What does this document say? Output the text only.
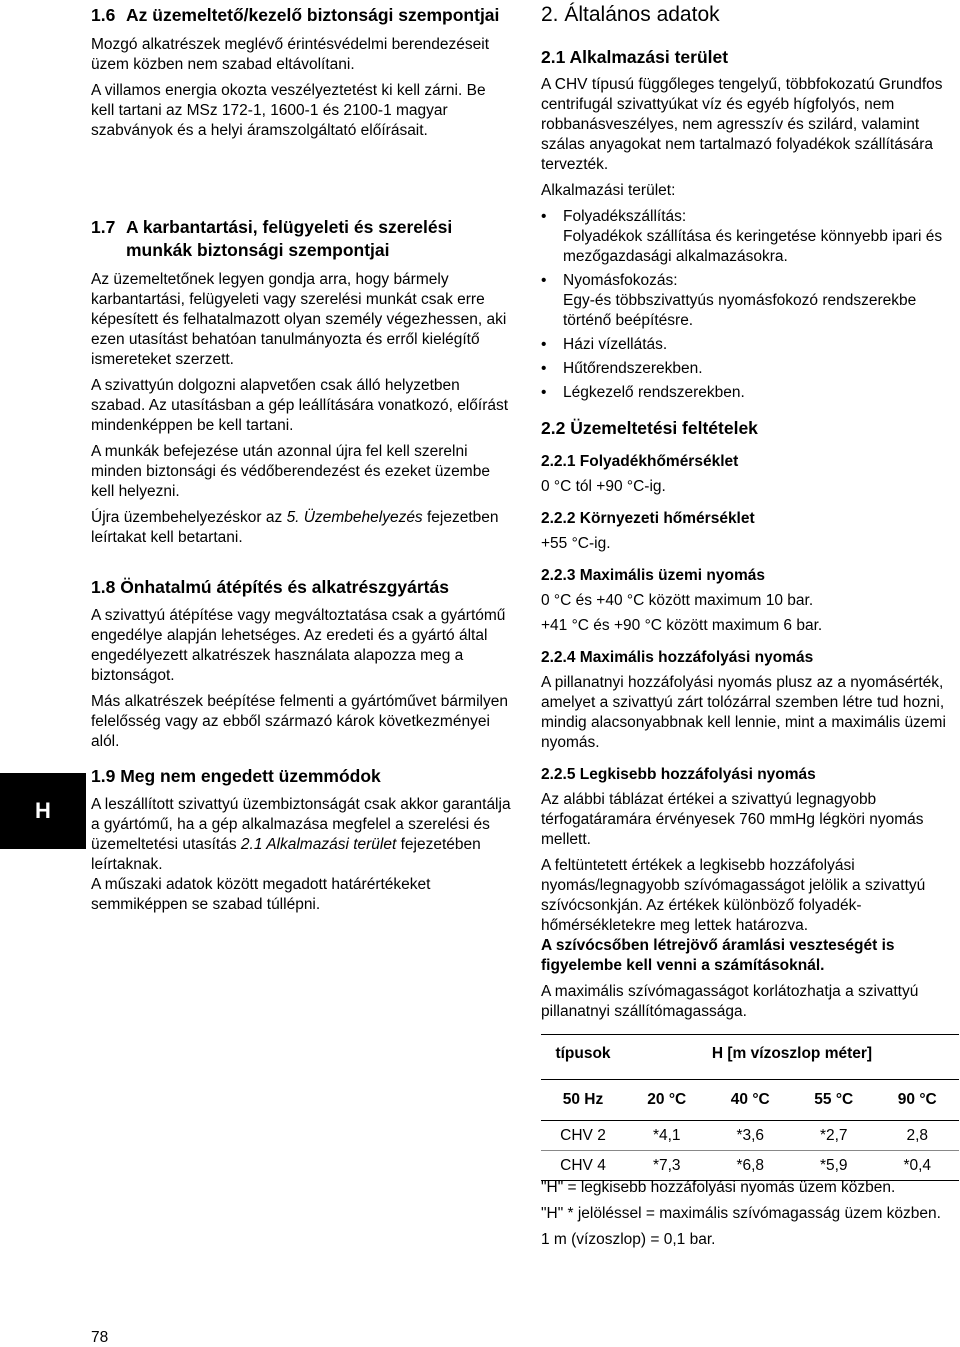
1.6 Az üzemeltető/kezelő biztonsági szempontjai

Mozgó alkatrészek meglévő érintésvédelmi berendezéseit üzem közben nem szabad eltávolítani.

A villamos energia okozta veszélyeztetést ki kell zárni. Be kell tartani az MSz 172-1, 1600-1 és 2100-1 magyar szabványok és a helyi áramszolgáltató előírásait.

1.7 A karbantartási, felügyeleti és szerelési munkák biztonsági szempontjai

Az üzemeltetőnek legyen gondja arra, hogy bármely karbantartási, felügyeleti vagy szerelési munkát csak erre képesített és felhatalmazott olyan személy végezhessen, aki ezen utasítást behatóan tanulmányozta és erről kielégítő ismereteket szerzett.

A szivattyún dolgozni alapvetően csak álló helyzetben szabad. Az utasításban a gép leállítására vonatkozó, előírást mindenképpen be kell tartani.

A munkák befejezése után azonnal újra fel kell szerelni minden biztonsági és védőberendezést és ezeket üzembe kell helyezni.

Újra üzembehelyezéskor az 5. Üzembehelyezés fejezetben leírtakat kell betartani.

1.8 Önhatalmú átépítés és alkatrészgyártás

A szivattyú átépítése vagy megváltoztatása csak a gyártómű engedélye alapján lehetséges. Az eredeti és a gyártó által engedélyezett alkatrészek használata alapozza meg a biztonságot.

Más alkatrészek beépítése felmenti a gyártóművet bármilyen felelősség vagy az ebből származó károk következményei alól.

1.9 Meg nem engedett üzemmódok

A leszállított szivattyú üzembiztonságát csak akkor garantálja a gyártómű, ha a gép alkalmazása megfelel a szerelési és üzemeltetési utasítás 2.1 Alkalmazási terület fejezetében leírtaknak.

A műszaki adatok között megadott határértékeket semmiképpen se szabad túllépni.

2. Általános adatok
2.1 Alkalmazási terület

A CHV típusú függőleges tengelyű, többfokozatú Grundfos centrifugál szivattyúkat víz és egyéb hígfolyós, nem robbanásveszélyes, nem agresszív és szilárd, valamint szálas anyagokat nem tartalmazó folyadékok szállítására tervezték.

Alkalmazási terület:

• Folyadékszállítás:
Folyadékok szállítása és keringetése könnyebb ipari és mezőgazdasági alkalmazásokra.
• Nyomásfokozás:
Egy-és többszivattyús nyomásfokozó rendszerekbe történő beépítésre.
• Házi vízellátás.
• Hűtőrendszerekben.
• Légkezelő rendszerekben.
2.2 Üzemeltetési feltételek
2.2.1 Folyadékhőmérséklet

0 °C tól +90 °C-ig.

2.2.2 Környezeti hőmérséklet

+55 °C-ig.

2.2.3 Maximális üzemi nyomás

0 °C és +40 °C között maximum 10 bar.

+41 °C és +90 °C között maximum 6 bar.

2.2.4 Maximális hozzáfolyási nyomás

A pillanatnyi hozzáfolyási nyomás plusz az a nyomásérték, amelyet a szivattyú zárt tolózárral szemben létre tud hozni, mindig alacsonyabbnak kell lennie, mint a maximális üzemi nyomás.

2.2.5 Legkisebb hozzáfolyási nyomás

Az alábbi táblázat értékei a szivattyú legnagyobb térfogatáramára érvényesek 760 mmHg légköri nyomás mellett.

A feltüntetett értékek a legkisebb hozzáfolyási nyomás/legnagyobb szívómagasságot jelölik a szivattyú szívócsonkján. Az értékek különböző folyadék-hőmérsékletekre meg lettek határozva.

A szívócsőben létrejövő áramlási veszteségét is figyelembe kell venni a számításoknál.

A maximális szívómagasságot korlátozhatja a szivattyú pillanatnyi szállítómagassága.

típusok	H [m vízoszlop méter]
50 Hz	20 °C	40 °C	55 °C	90 °C
CHV 2	*4,1	*3,6	*2,7	2,8
CHV 4	*7,3	*6,8	*5,9	*0,4

"H" = legkisebb hozzáfolyási nyomás üzem közben.

"H" * jelöléssel = maximális szívómagasság üzem közben.

1 m (vízoszlop) = 0,1 bar.

H
78
